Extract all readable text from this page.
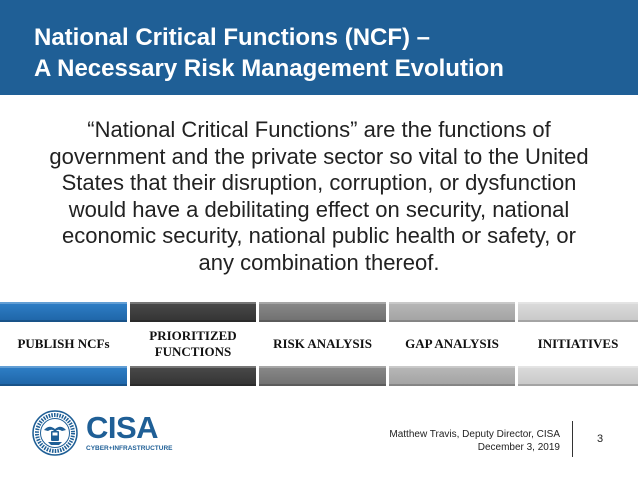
National Critical Functions (NCF) –
A Necessary Risk Management Evolution
“National Critical Functions” are the functions of
government and the private sector so vital to the United
States that their disruption, corruption, or dysfunction
would have a debilitating effect on security, national
economic security, national public health or safety, or
any combination thereof.
PUBLISH NCFs
PRIORITIZED FUNCTIONS
RISK ANALYSIS	GAP ANALYSIS	INITIATIVES
CISA
CYBER+INFRASTRUCTURE
Matthew Travis, Deputy Director, CISA
December 3, 2019
3
